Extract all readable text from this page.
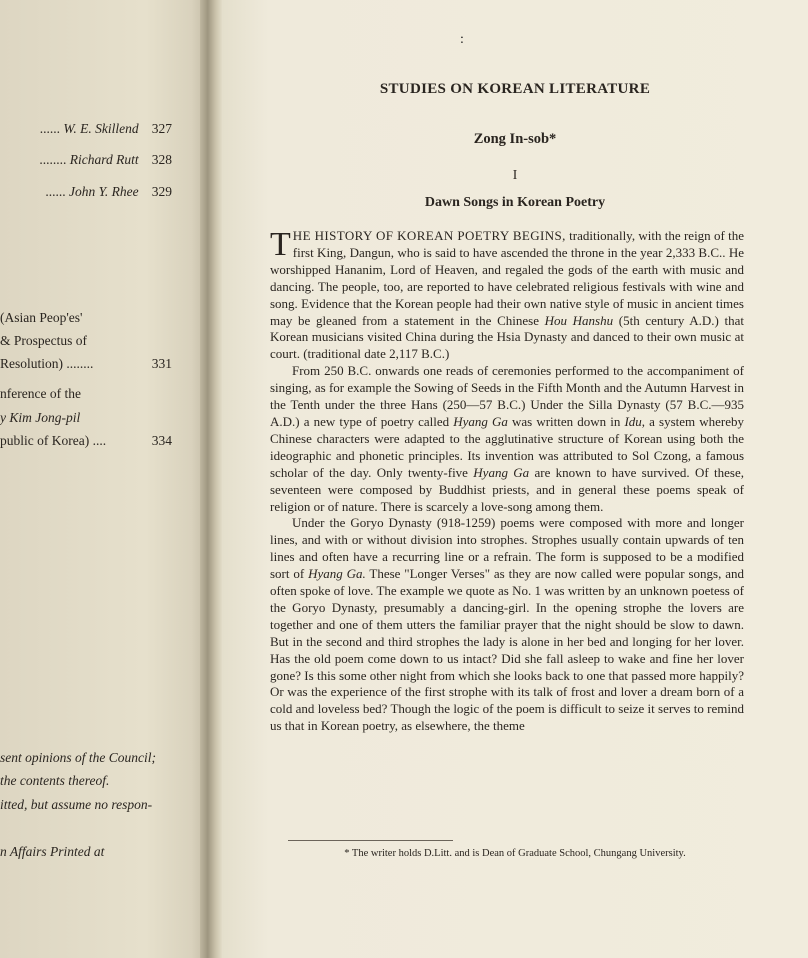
...... W. E. Skillend 327
........ Richard Rutt 328
...... John Y. Rhee 329
(Asian Peop'es'
& Prospectus of
Resolution) ........	331
nference of the
y Kim Jong-pil
public of Korea) ....	334
sent opinions of the Council;
the contents thereof.
itted, but assume no respon-
n Affairs Printed at
:
STUDIES ON KOREAN LITERATURE
Zong In-sob*
I
Dawn Songs in Korean Poetry

THE HISTORY OF KOREAN POETRY BEGINS, traditionally, with the reign of the first King, Dangun, who is said to have ascended the throne in the year 2,333 B.C.. He worshipped Hananim, Lord of Heaven, and regaled the gods of the earth with music and dancing. The people, too, are reported to have celebrated religious festivals with wine and song. Evidence that the Korean people had their own native style of music in ancient times may be gleaned from a statement in the Chinese Hou Hanshu (5th century A.D.) that Korean musicians visited China during the Hsia Dynasty and danced to their own music at court. (traditional date 2,117 B.C.)

From 250 B.C. onwards one reads of ceremonies performed to the accompaniment of singing, as for example the Sowing of Seeds in the Fifth Month and the Autumn Harvest in the Tenth under the three Hans (250—57 B.C.) Under the Silla Dynasty (57 B.C.—935 A.D.) a new type of poetry called Hyang Ga was written down in Idu, a system whereby Chinese characters were adapted to the agglutinative structure of Korean using both the ideographic and phonetic principles. Its invention was attributed to Sol Czong, a famous scholar of the day. Only twenty-five Hyang Ga are known to have survived. Of these, seventeen were composed by Buddhist priests, and in general these poems speak of religion or of nature. There is scarcely a love-song among them.

Under the Goryo Dynasty (918-1259) poems were composed with more and longer lines, and with or without division into strophes. Strophes usually contain upwards of ten lines and often have a recurring line or a refrain. The form is supposed to be a modified sort of Hyang Ga. These "Longer Verses" as they are now called were popular songs, and often spoke of love. The example we quote as No. 1 was written by an unknown poetess of the Goryo Dynasty, presumably a dancing-girl. In the opening strophe the lovers are together and one of them utters the familiar prayer that the night should be slow to dawn. But in the second and third strophes the lady is alone in her bed and longing for her lover. Has the old poem come down to us intact? Did she fall asleep to wake and fine her lover gone? Is this some other night from which she looks back to one that passed more happily? Or was the experience of the first strophe with its talk of frost and lover a dream born of a cold and loveless bed? Though the logic of the poem is difficult to seize it serves to remind us that in Korean poetry, as elsewhere, the theme

* The writer holds D.Litt. and is Dean of Graduate School, Chungang University.
